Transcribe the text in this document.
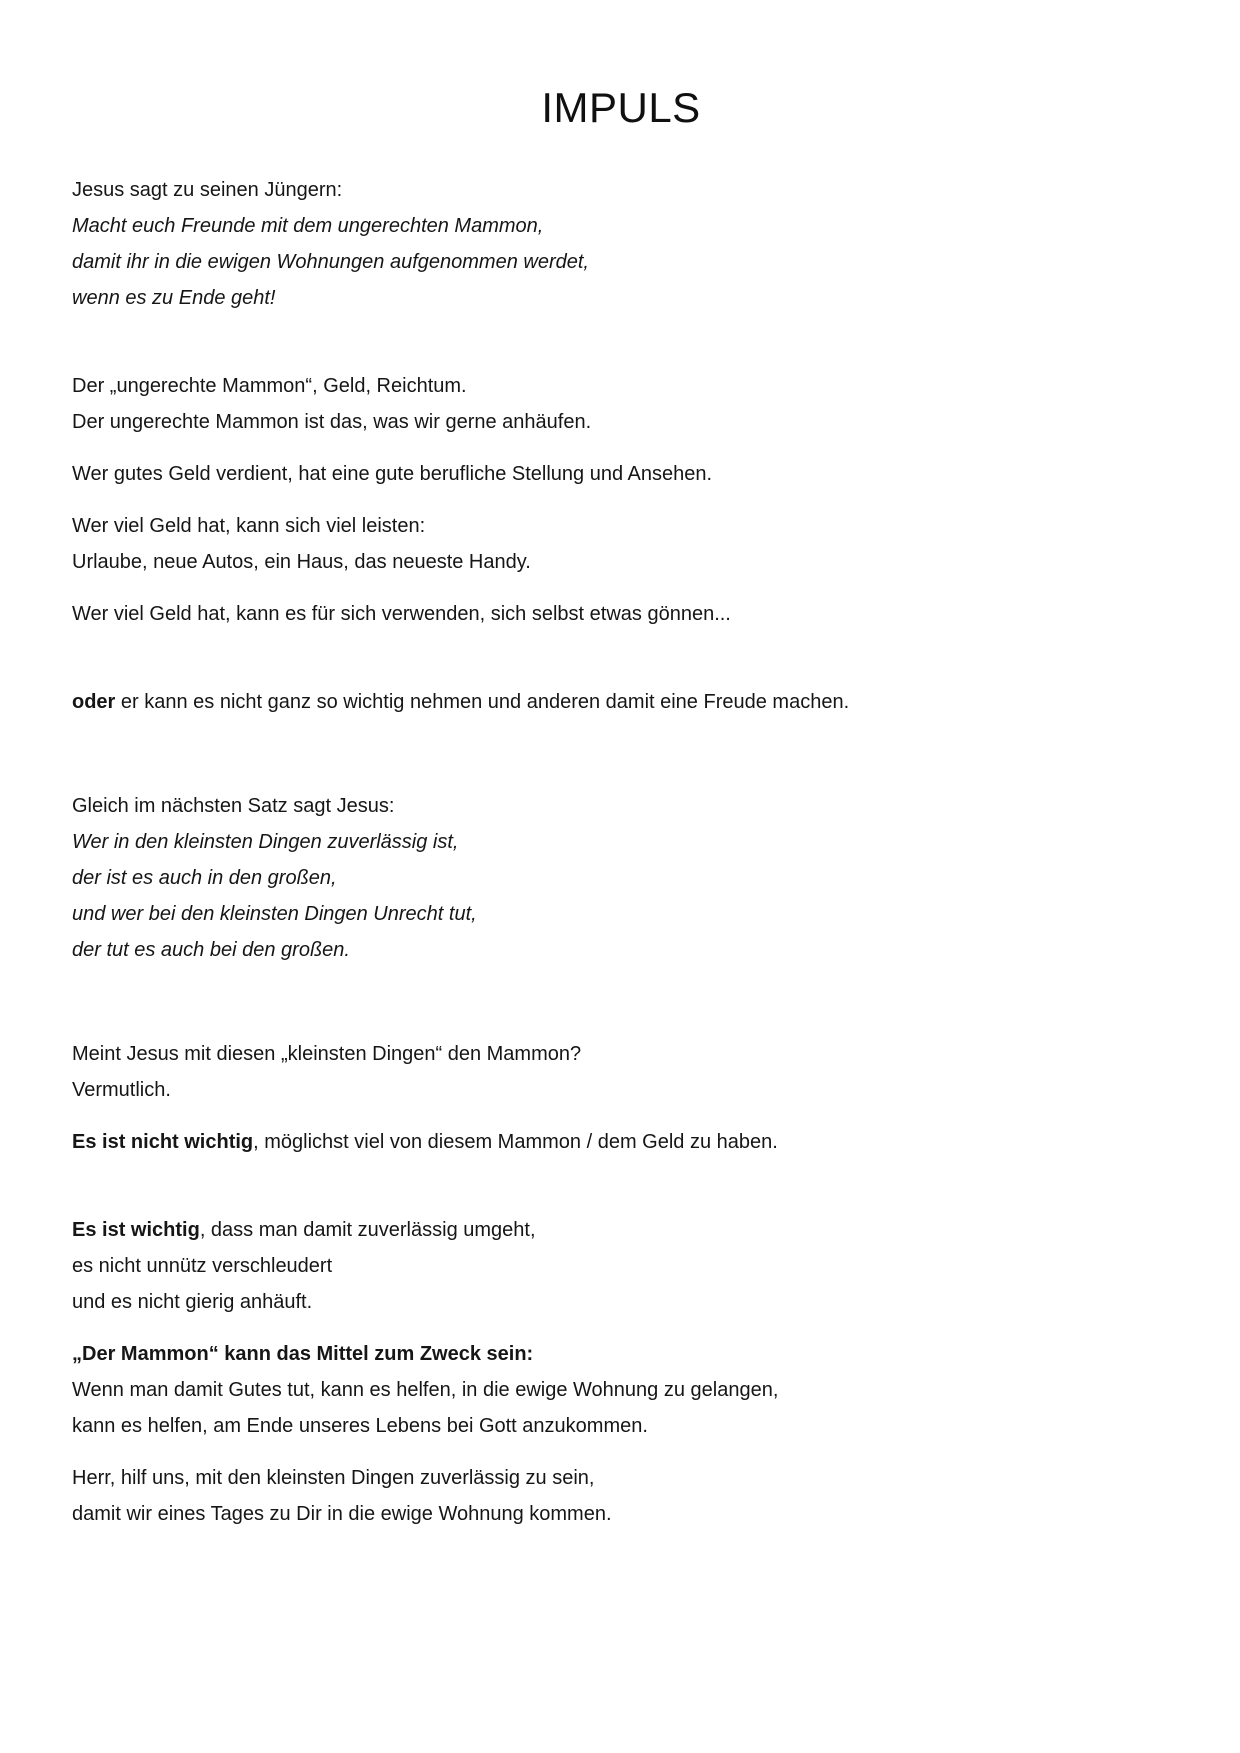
IMPULS

Jesus sagt zu seinen Jüngern:
Macht euch Freunde mit dem ungerechten Mammon,
damit ihr in die ewigen Wohnungen aufgenommen werdet,
wenn es zu Ende geht!

Der „ungerechte Mammon“, Geld, Reichtum.
Der ungerechte Mammon ist das, was wir gerne anhäufen.

Wer gutes Geld verdient, hat eine gute berufliche Stellung und Ansehen.

Wer viel Geld hat, kann sich viel leisten:
Urlaube, neue Autos, ein Haus, das neueste Handy.

Wer viel Geld hat, kann es für sich verwenden, sich selbst etwas gönnen...

oder er kann es nicht ganz so wichtig nehmen und anderen damit eine Freude machen.

Gleich im nächsten Satz sagt Jesus:
Wer in den kleinsten Dingen zuverlässig ist,
der ist es auch in den großen,
und wer bei den kleinsten Dingen Unrecht tut,
der tut es auch bei den großen.

Meint Jesus mit diesen „kleinsten Dingen“ den Mammon?
Vermutlich.

Es ist nicht wichtig, möglichst viel von diesem Mammon / dem Geld zu haben.

Es ist wichtig, dass man damit zuverlässig umgeht,
es nicht unnütz verschleudert
und es nicht gierig anhäuft.

„Der Mammon“ kann das Mittel zum Zweck sein:
Wenn man damit Gutes tut, kann es helfen, in die ewige Wohnung zu gelangen,
kann es helfen, am Ende unseres Lebens bei Gott anzukommen.

Herr, hilf uns, mit den kleinsten Dingen zuverlässig zu sein,
damit wir eines Tages zu Dir in die ewige Wohnung kommen.
